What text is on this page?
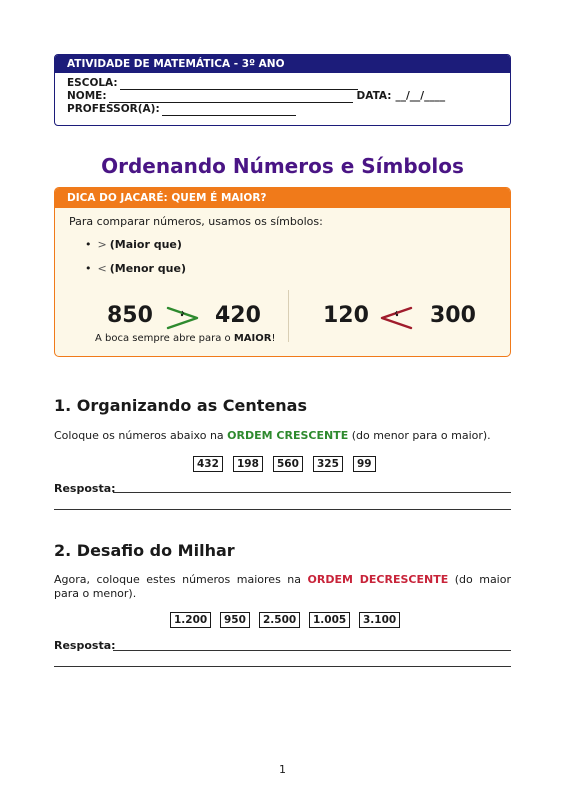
ATIVIDADE DE MATEMÁTICA - 3º ANO
ESCOLA:
NOME:	DATA: __/__/____
PROFESSOR(A):
Ordenando Números e Símbolos
DICA DO JACARÉ: QUEM É MAIOR?
Para comparar números, usamos os símbolos:
• > (Maior que)
• < (Menor que)
850	420
A boca sempre abre para o MAIOR!
120	300
1. Organizando as Centenas
Coloque os números abaixo na ORDEM CRESCENTE (do menor para o maior).
432	198	560	325	99
Resposta:
2. Desafio do Milhar
Agora, coloque estes números maiores na ORDEM DECRESCENTE (do maior para o menor).
1.200	950	2.500	1.005	3.100
Resposta:
1
